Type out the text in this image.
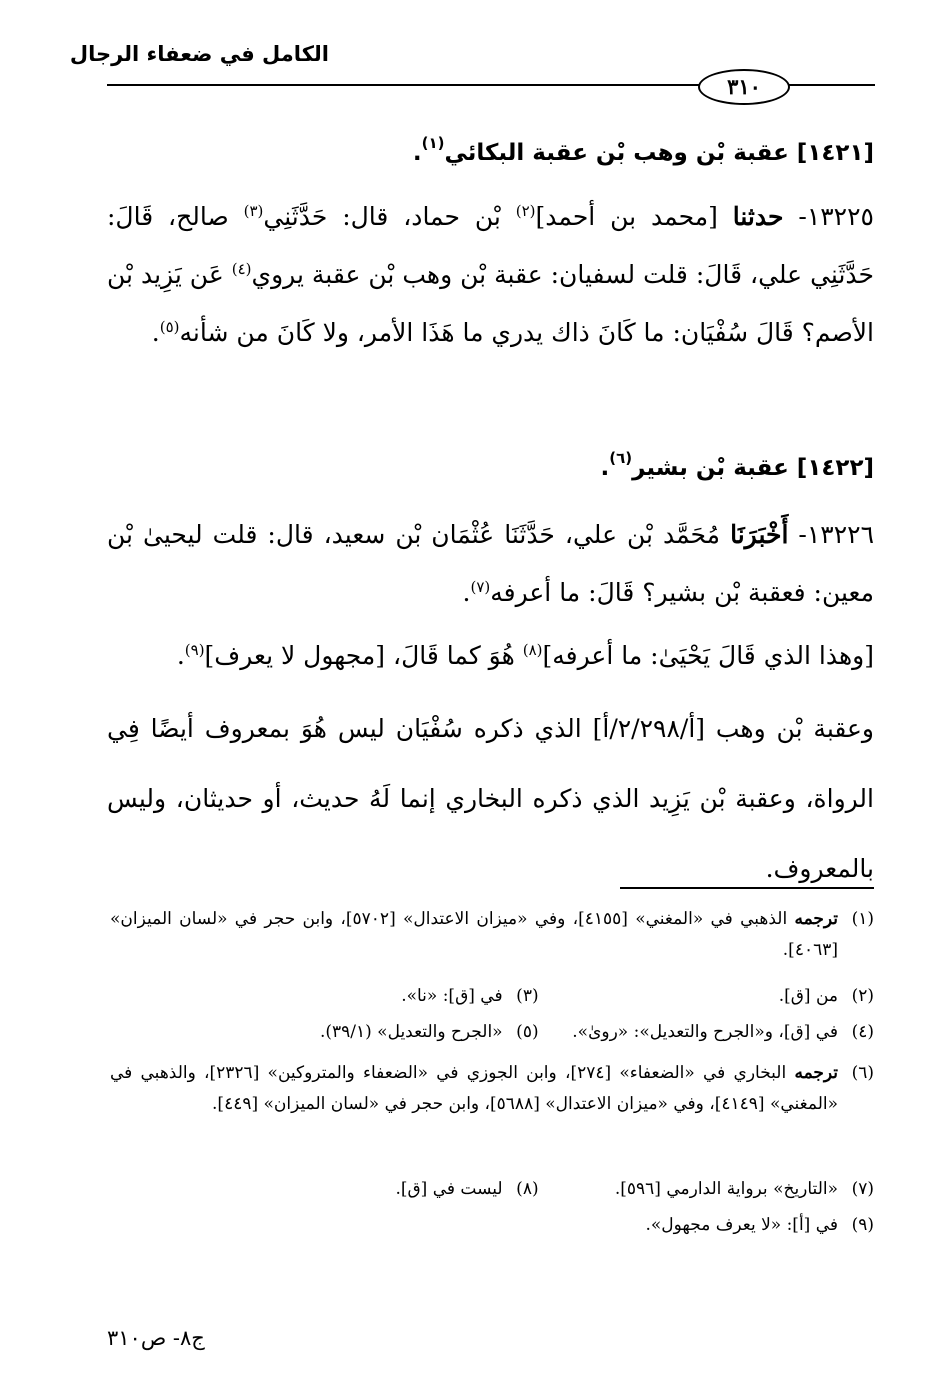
الكامل في ضعفاء الرجال
٣١٠
[١٤٢١] عقبة بْن وهب بْن عقبة البكائي$^{(١)}$.
١٣٢٢٥- حدثنا [محمد بن أحمد]$^{(٢)}$ بْن حماد، قال: حَدَّثَنِي$^{(٣)}$ صالح، قَالَ: حَدَّثَنِي علي، قَالَ: قلت لسفيان: عقبة بْن وهب بْن عقبة يروي$^{(٤)}$ عَن يَزِيد بْن الأصم؟ قَالَ سُفْيَان: ما كَانَ ذاك يدري ما هَذَا الأمر، ولا كَانَ من شأنه$^{(٥)}$.
[١٤٢٢] عقبة بْن بشير$^{(٦)}$.
١٣٢٢٦- أَخْبَرَنَا مُحَمَّد بْن علي، حَدَّثَنَا عُثْمَان بْن سعيد، قال: قلت ليحيىٰ بْن معين: فعقبة بْن بشير؟ قَالَ: ما أعرفه$^{(٧)}$.
[وهذا الذي قَالَ يَحْيَىٰ: ما أعرفه]$^{(٨)}$ هُوَ كما قَالَ، [مجهول لا يعرف]$^{(٩)}$.
وعقبة بْن وهب [أ/٢/٢٩٨/أ] الذي ذكره سُفْيَان ليس هُوَ بمعروف أيضًا فِي الرواة، وعقبة بْن يَزِيد الذي ذكره البخاري إنما لَهُ حديث، أو حديثان، وليس بالمعروف.
(١)ترجمه الذهبي في «المغني» [٤١٥٥]، وفي «ميزان الاعتدال» [٥٧٠٢]، وابن حجر في «لسان الميزان» [٤٠٦٣].
(٢)من [ق]. (٣)في [ق]: «نا».
(٤)في [ق]، و«الجرح والتعديل»: «روىٰ». (٥)«الجرح والتعديل» (٣٩/١).
(٦)ترجمه البخاري في «الضعفاء» [٢٧٤]، وابن الجوزي في «الضعفاء والمتروكين» [٢٣٢٦]، والذهبي في «المغني» [٤١٤٩]، وفي «ميزان الاعتدال» [٥٦٨٨]، وابن حجر في «لسان الميزان» [٤٤٩].
(٧)«التاريخ» برواية الدارمي [٥٩٦]. (٨)ليست في [ق].
(٩)في [أ]: «لا يعرف مجهول».
ج٨- ص٣١٠
